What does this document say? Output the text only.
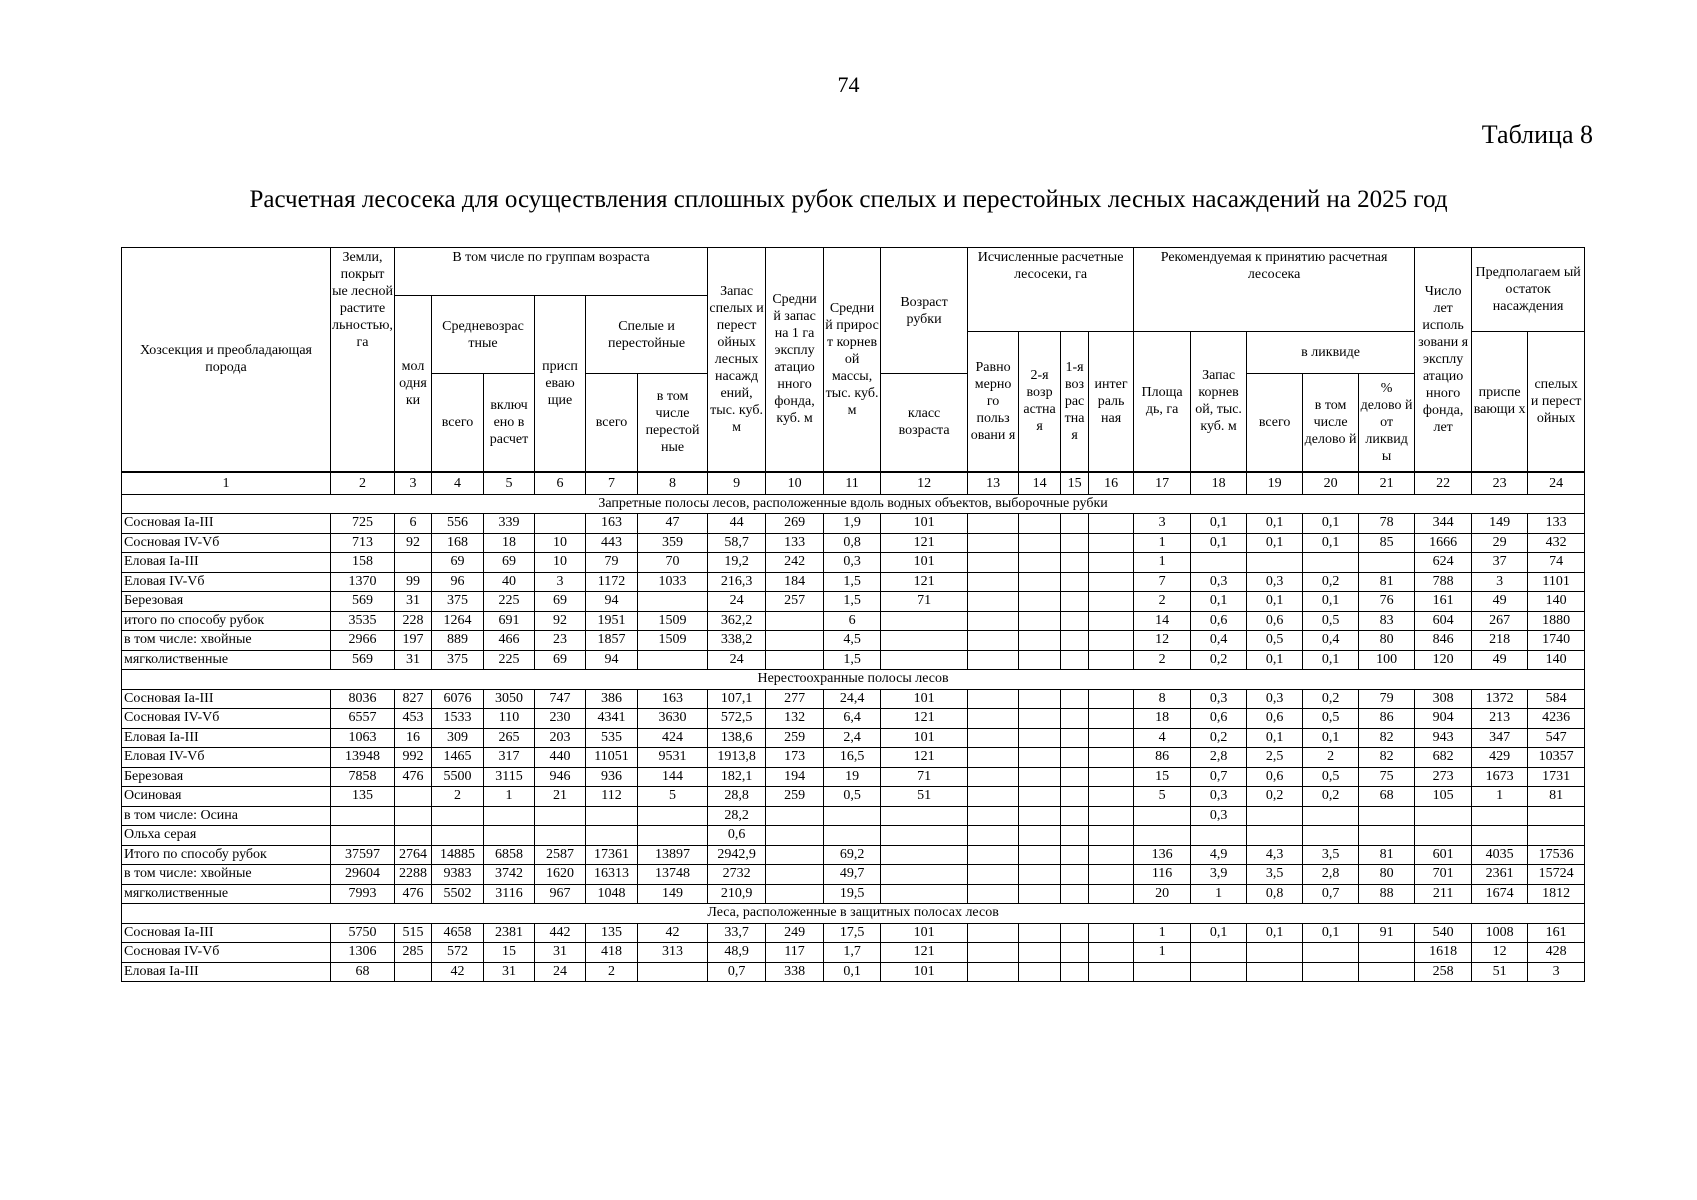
74
Таблица 8
Расчетная лесосека для осуществления сплошных рубок спелых и перестойных лесных насаждений на 2025 год
Хозсекция и преобладающая порода	Земли, покрыт ые лесной растите льностью, га	В том числе по группам возраста						Запас спелых и перест ойных лесных насажд ений, тыс. куб. м	Средни й запас на 1 га эксплу атацио нного фонда, куб. м	Средни й прирос т корнев ой массы, тыс. куб. м	Возраст рубки	Исчисленные расчетные лесосеки, га				Рекомендуемая к принятию расчетная лесосека					Число лет исполь зовани я эксплу атацио нного фонда, лет	Предполагаем ый остаток насаждения	
		мол одня ки	Средневозрас тные		присп еваю щие	Спелые и перестойные																	
												Равно мерно го польз овани я	2-я возр астна я	1-я воз рас тна я	интег раль ная	Площа дь, га	Запас корнев ой, тыс. куб. м	в ликвиде				приспе вающи х	спелых и перест ойных
			всего	включ ено в расчет		всего	в том числе перестой ные				класс возраста							всего	в том числе делово й	% делово й от ликвид ы			
1	2	3	4	5	6	7	8	9	10	11	12	13	14	15	16	17	18	19	20	21	22	23	24
Запретные полосы лесов, расположенные вдоль водных объектов, выборочные рубки																							
Сосновая Ia-III	725	6	556	339		163	47	44	269	1,9	101					3	0,1	0,1	0,1	78	344	149	133
Сосновая IV-Vб	713	92	168	18	10	443	359	58,7	133	0,8	121					1	0,1	0,1	0,1	85	1666	29	432
Еловая Ia-III	158		69	69	10	79	70	19,2	242	0,3	101					1					624	37	74
Еловая IV-Vб	1370	99	96	40	3	1172	1033	216,3	184	1,5	121					7	0,3	0,3	0,2	81	788	3	1101
Березовая	569	31	375	225	69	94		24	257	1,5	71					2	0,1	0,1	0,1	76	161	49	140
итого по способу рубок	3535	228	1264	691	92	1951	1509	362,2		6						14	0,6	0,6	0,5	83	604	267	1880
в том числе: хвойные	2966	197	889	466	23	1857	1509	338,2		4,5						12	0,4	0,5	0,4	80	846	218	1740
мягколиственные	569	31	375	225	69	94		24		1,5						2	0,2	0,1	0,1	100	120	49	140
Нерестоохранные полосы лесов																							
Сосновая Ia-III	8036	827	6076	3050	747	386	163	107,1	277	24,4	101					8	0,3	0,3	0,2	79	308	1372	584
Сосновая IV-Vб	6557	453	1533	110	230	4341	3630	572,5	132	6,4	121					18	0,6	0,6	0,5	86	904	213	4236
Еловая Ia-III	1063	16	309	265	203	535	424	138,6	259	2,4	101					4	0,2	0,1	0,1	82	943	347	547
Еловая IV-Vб	13948	992	1465	317	440	11051	9531	1913,8	173	16,5	121					86	2,8	2,5	2	82	682	429	10357
Березовая	7858	476	5500	3115	946	936	144	182,1	194	19	71					15	0,7	0,6	0,5	75	273	1673	1731
Осиновая	135		2	1	21	112	5	28,8	259	0,5	51					5	0,3	0,2	0,2	68	105	1	81
в том числе: Осина								28,2									0,3						
Ольха серая								0,6															
Итого по способу рубок	37597	2764	14885	6858	2587	17361	13897	2942,9		69,2						136	4,9	4,3	3,5	81	601	4035	17536
в том числе: хвойные	29604	2288	9383	3742	1620	16313	13748	2732		49,7						116	3,9	3,5	2,8	80	701	2361	15724
мягколиственные	7993	476	5502	3116	967	1048	149	210,9		19,5						20	1	0,8	0,7	88	211	1674	1812
Леса, расположенные в защитных полосах лесов																							
Сосновая Ia-III	5750	515	4658	2381	442	135	42	33,7	249	17,5	101					1	0,1	0,1	0,1	91	540	1008	161
Сосновая IV-Vб	1306	285	572	15	31	418	313	48,9	117	1,7	121					1					1618	12	428
Еловая Ia-III	68		42	31	24	2		0,7	338	0,1	101										258	51	3
